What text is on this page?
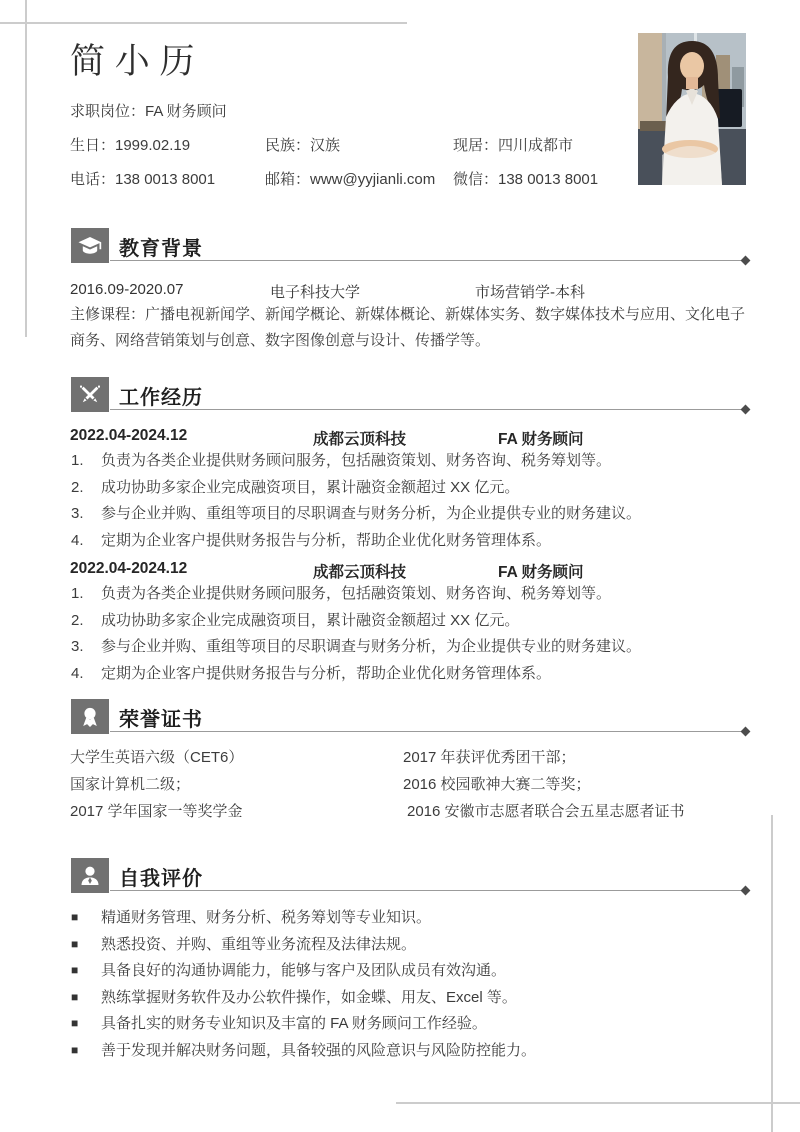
简 小 历
求职岗位：FA 财务顾问
生日：1999.02.19	民族：汉族	现居：四川成都市
电话：138 0013 8001	邮箱：www@yyjianli.com 微信：138 0013 8001
教育背景
2016.09-2020.07	电子科技大学	市场营销学-本科
主修课程：广播电视新闻学、新闻学概论、新媒体概论、新媒体实务、数字媒体技术与应用、文化电子商务、网络营销策划与创意、数字图像创意与设计、传播学等。
工作经历
2022.04-2024.12	成都云顶科技	FA 财务顾问
1. 负责为各类企业提供财务顾问服务，包括融资策划、财务咨询、税务筹划等。
2. 成功协助多家企业完成融资项目，累计融资金额超过 XX 亿元。
3. 参与企业并购、重组等项目的尽职调查与财务分析，为企业提供专业的财务建议。
4. 定期为企业客户提供财务报告与分析，帮助企业优化财务管理体系。
2022.04-2024.12	成都云顶科技	FA 财务顾问
1. 负责为各类企业提供财务顾问服务，包括融资策划、财务咨询、税务筹划等。
2. 成功协助多家企业完成融资项目，累计融资金额超过 XX 亿元。
3. 参与企业并购、重组等项目的尽职调查与财务分析，为企业提供专业的财务建议。
4. 定期为企业客户提供财务报告与分析，帮助企业优化财务管理体系。
荣誉证书
大学生英语六级（CET6）	2017 年获评优秀团干部；
国家计算机二级；	2016 校园歌神大赛二等奖；
2017 学年国家一等奖学金	2016 安徽市志愿者联合会五星志愿者证书
自我评价
■ 精通财务管理、财务分析、税务筹划等专业知识。
■ 熟悉投资、并购、重组等业务流程及法律法规。
■ 具备良好的沟通协调能力，能够与客户及团队成员有效沟通。
■ 熟练掌握财务软件及办公软件操作，如金蝶、用友、Excel 等。
■ 具备扎实的财务专业知识及丰富的 FA 财务顾问工作经验。
■ 善于发现并解决财务问题，具备较强的风险意识与风险防控能力。
